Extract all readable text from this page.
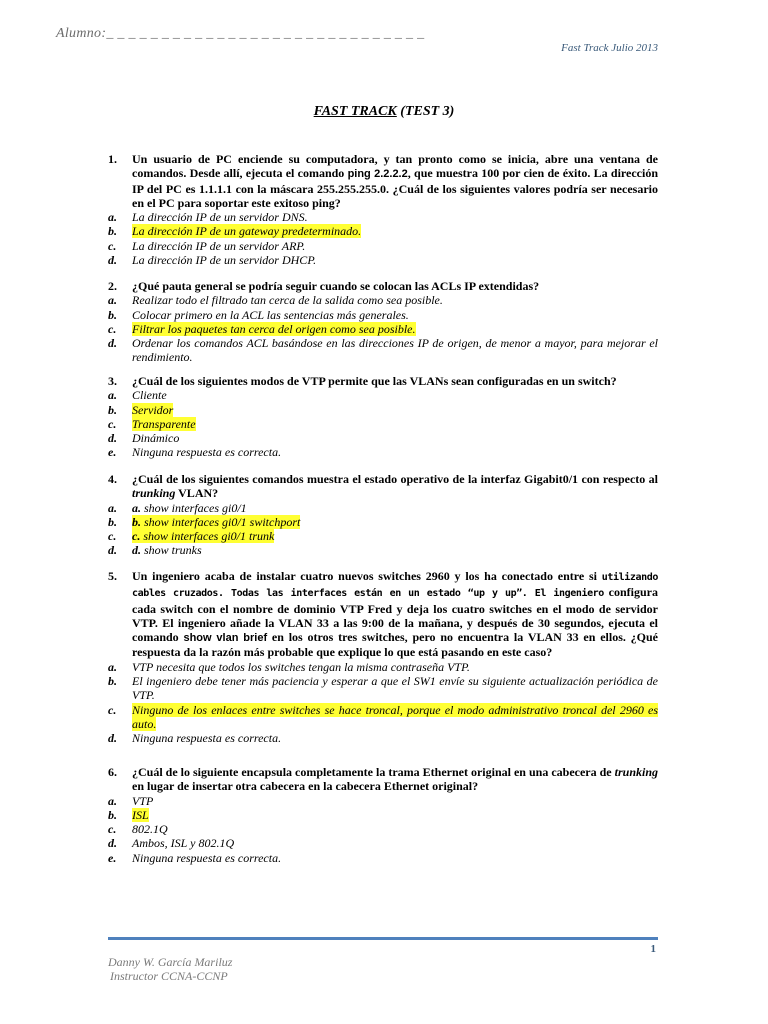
Alumno:_ _ _ _ _ _ _ _ _ _ _ _ _ _ _ _ _ _ _ _ _ _ _ _ _ _ _ _ _
Fast Track Julio 2013
FAST TRACK (TEST 3)
1. Un usuario de PC enciende su computadora, y tan pronto como se inicia, abre una ventana de comandos. Desde allí, ejecuta el comando ping 2.2.2.2, que muestra 100 por cien de éxito. La dirección IP del PC es 1.1.1.1 con la máscara 255.255.255.0. ¿Cuál de los siguientes valores podría ser necesario en el PC para soportar este exitoso ping?
a. La dirección IP de un servidor DNS.
b. La dirección IP de un gateway predeterminado.
c. La dirección IP de un servidor ARP.
d. La dirección IP de un servidor DHCP.
2. ¿Qué pauta general se podría seguir cuando se colocan las ACLs IP extendidas?
a. Realizar todo el filtrado tan cerca de la salida como sea posible.
b. Colocar primero en la ACL las sentencias más generales.
c. Filtrar los paquetes tan cerca del origen como sea posible.
d. Ordenar los comandos ACL basándose en las direcciones IP de origen, de menor a mayor, para mejorar el rendimiento.
3. ¿Cuál de los siguientes modos de VTP permite que las VLANs sean configuradas en un switch?
a. Cliente
b. Servidor
c. Transparente
d. Dinámico
e. Ninguna respuesta es correcta.
4. ¿Cuál de los siguientes comandos muestra el estado operativo de la interfaz Gigabit0/1 con respecto al trunking VLAN?
a. a. show interfaces gi0/1
b. b. show interfaces gi0/1 switchport
c. c. show interfaces gi0/1 trunk
d. d. show trunks
5. Un ingeniero acaba de instalar cuatro nuevos switches 2960 y los ha conectado entre si utilizando cables cruzados. Todas las interfaces están en un estado “up y up”. El ingeniero configura cada switch con el nombre de dominio VTP Fred y deja los cuatro switches en el modo de servidor VTP. El ingeniero añade la VLAN 33 a las 9:00 de la mañana, y después de 30 segundos, ejecuta el comando show vlan brief en los otros tres switches, pero no encuentra la VLAN 33 en ellos. ¿Qué respuesta da la razón más probable que explique lo que está pasando en este caso?
a. VTP necesita que todos los switches tengan la misma contraseña VTP.
b. El ingeniero debe tener más paciencia y esperar a que el SW1 envíe su siguiente actualización periódica de VTP.
c. Ninguno de los enlaces entre switches se hace troncal, porque el modo administrativo troncal del 2960 es auto.
d. Ninguna respuesta es correcta.
6. ¿Cuál de lo siguiente encapsula completamente la trama Ethernet original en una cabecera de trunking en lugar de insertar otra cabecera en la cabecera Ethernet original?
a. VTP
b. ISL
c. 802.1Q
d. Ambos, ISL y 802.1Q
e. Ninguna respuesta es correcta.
1
Danny W. García Mariluz
Instructor CCNA-CCNP
